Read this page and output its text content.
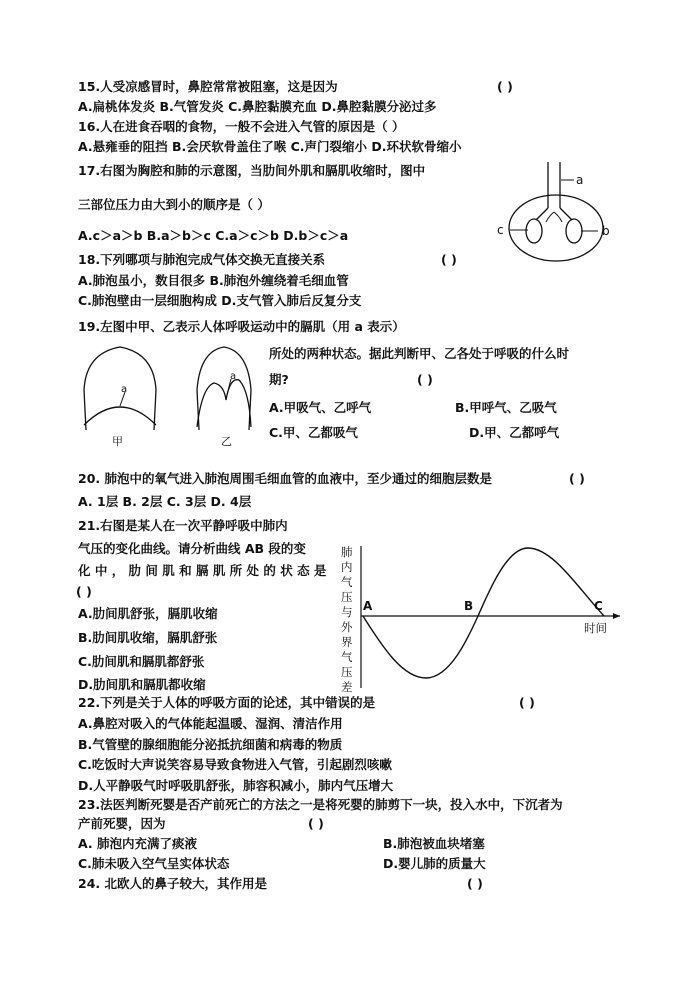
15.人受凉感冒时，鼻腔常常被阻塞，这是因为	( )
A.扁桃体发炎 B.气管发炎 C.鼻腔黏膜充血 D.鼻腔黏膜分泌过多
16.人在进食吞咽的食物，一般不会进入气管的原因是（ ）
A.悬雍垂的阻挡 B.会厌软骨盖住了喉 C.声门裂缩小 D.环状软骨缩小
17.右图为胸腔和肺的示意图，当肋间外肌和膈肌收缩时，图中
三部位压力由大到小的顺序是（ ）
A.c＞a＞b B.a＞b＞c C.a＞c＞b D.b＞c＞a
a
c	b
18.下列哪项与肺泡完成气体交换无直接关系	( )
A.肺泡虽小，数目很多 B.肺泡外缠绕着毛细血管
C.肺泡壁由一层细胞构成 D.支气管入肺后反复分支
19.左图中甲、乙表示人体呼吸运动中的膈肌（用 a 表示）
所处的两种状态。据此判断甲、乙各处于呼吸的什么时
期?	( )
A.甲吸气、乙呼气	B.甲呼气、乙吸气
C.甲、乙都吸气	D.甲、乙都呼气
a
甲
a
乙
20. 肺泡中的氧气进入肺泡周围毛细血管的血液中，至少通过的细胞层数是	( )
A. 1层 B. 2层 C. 3层 D. 4层
21.右图是某人在一次平静呼吸中肺内
气压的变化曲线。请分析曲线 AB 段的变
化 中 ， 肋 间 肌 和 膈 肌 所 处 的 状 态 是
( )
A.肋间肌舒张，膈肌收缩
B.肋间肌收缩，膈肌舒张
C.肋间肌和膈肌都舒张
D.肋间肌和膈肌都收缩
肺
内
气
压
与
外
界
气
压
差
A	B	C
时间
22.下列是关于人体的呼吸方面的论述，其中错误的是	( )
A.鼻腔对吸入的气体能起温暖、湿润、清洁作用
B.气管壁的腺细胞能分泌抵抗细菌和病毒的物质
C.吃饭时大声说笑容易导致食物进入气管，引起剧烈咳嗽
D.人平静吸气时呼吸肌舒张，肺容积减小，肺内气压增大
23.法医判断死婴是否产前死亡的方法之一是将死婴的肺剪下一块，投入水中，下沉者为
产前死婴，因为	( )
A. 肺泡内充满了痰液	B.肺泡被血块堵塞
C.肺未吸入空气呈实体状态	D.婴儿肺的质量大
24. 北欧人的鼻子较大，其作用是	( )
